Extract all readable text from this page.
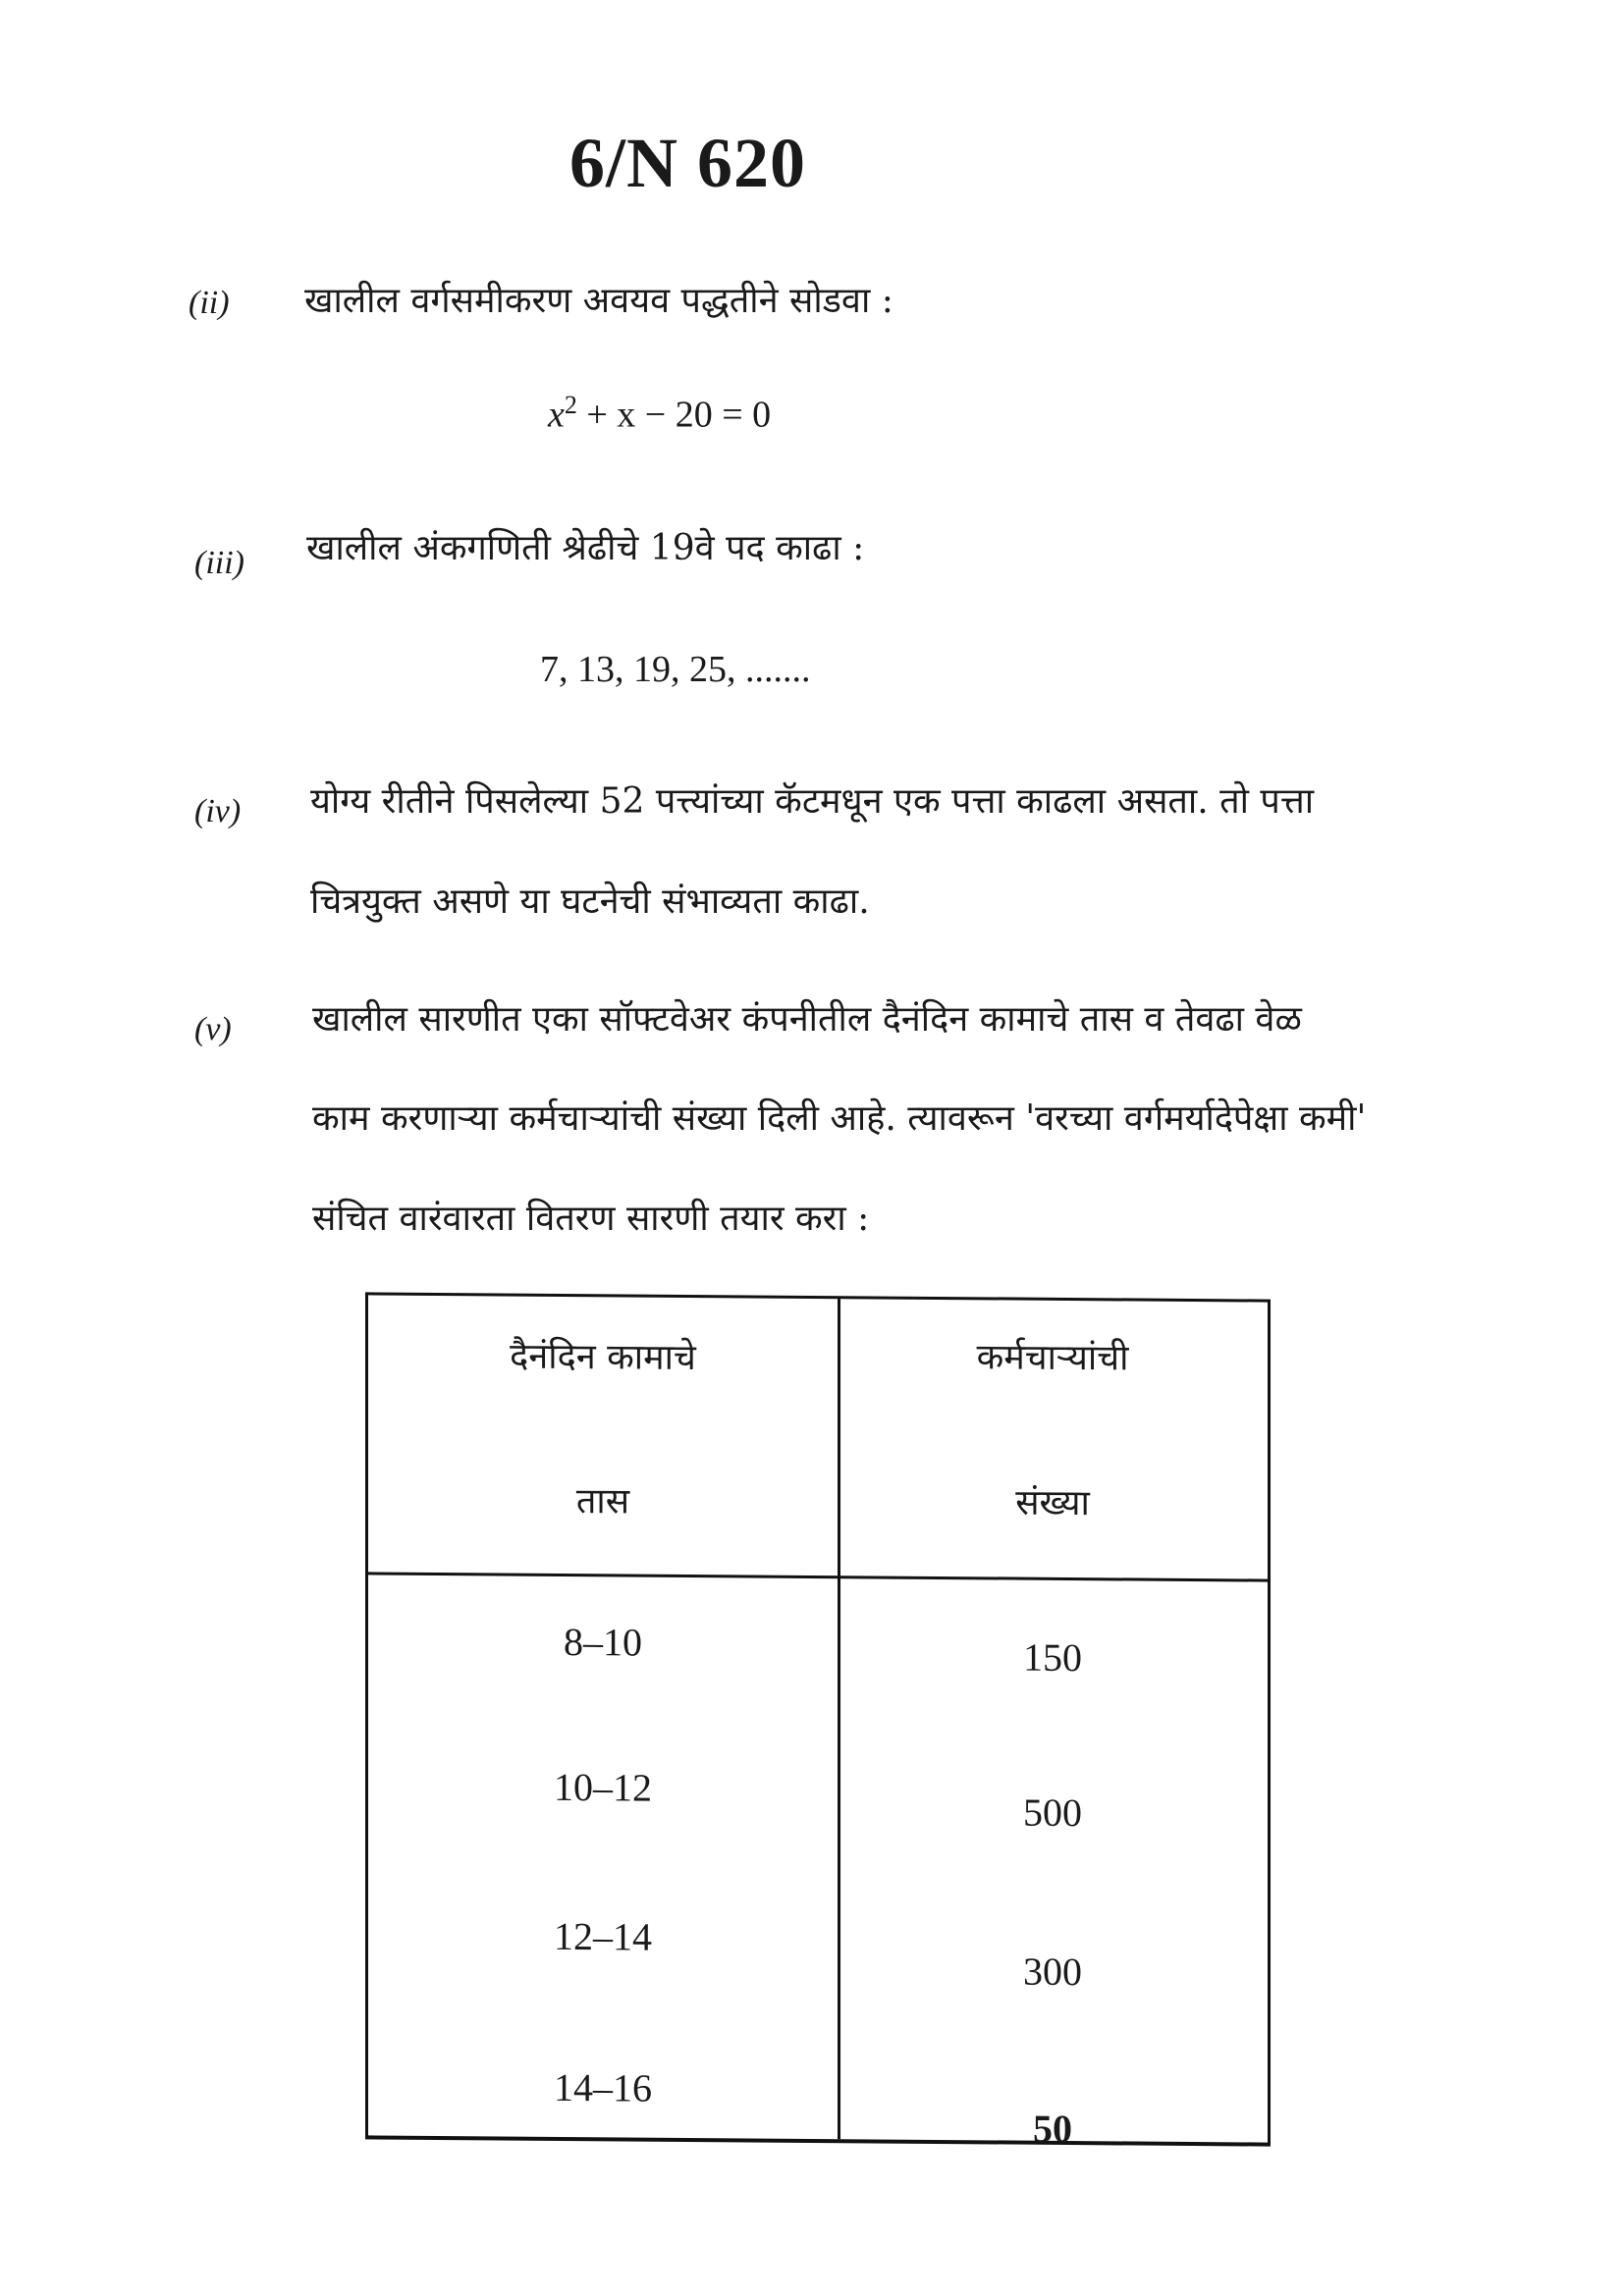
6/N 620
(ii) खालील वर्गसमीकरण अवयव पद्धतीने सोडवा :
$x^2 + x - 20 = 0$
(iii) खालील अंकगणिती श्रेढीचे 19वे पद काढा :
7, 13, 19, 25, .......
(iv) योग्य रीतीने पिसलेल्या 52 पत्त्यांच्या कॅटमधून एक पत्ता काढला असता. तो पत्ता
चित्रयुक्त असणे या घटनेची संभाव्यता काढा.
(v) खालील सारणीत एका सॉफ्टवेअर कंपनीतील दैनंदिन कामाचे तास व तेवढा वेळ
काम करणाऱ्या कर्मचाऱ्यांची संख्या दिली आहे. त्यावरून 'वरच्या वर्गमर्यादेपेक्षा कमी'
संचित वारंवारता वितरण सारणी तयार करा :
दैनंदिन कामाचे
तास
कर्मचाऱ्यांची
संख्या
8–10	150
10–12
500
12–14
300
14–16
50
